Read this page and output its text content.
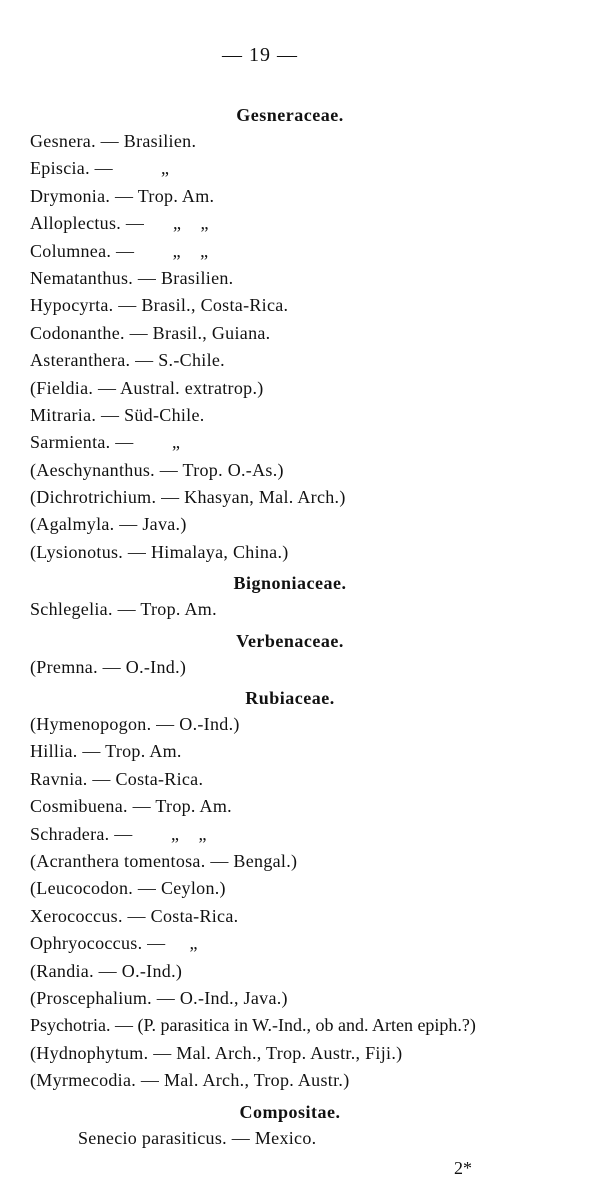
— 19 —
Gesneraceae.
Gesnera. — Brasilien.
Episcia. —          „
Drymonia. — Trop. Am.
Alloplectus. —      „    „
Columnea. —        „    „
Nematanthus. — Brasilien.
Hypocyrta. — Brasil., Costa-Rica.
Codonanthe. — Brasil., Guiana.
Asteranthera. — S.-Chile.
(Fieldia. — Austral. extratrop.)
Mitraria. — Süd-Chile.
Sarmienta. —        „
(Aeschynanthus. — Trop. O.-As.)
(Dichrotrichium. — Khasyan, Mal. Arch.)
(Agalmyla. — Java.)
(Lysionotus. — Himalaya, China.)
Bignoniaceae.
Schlegelia. — Trop. Am.
Verbenaceae.
(Premna. — O.-Ind.)
Rubiaceae.
(Hymenopogon. — O.-Ind.)
Hillia. — Trop. Am.
Ravnia. — Costa-Rica.
Cosmibuena. — Trop. Am.
Schradera. —        „    „
(Acranthera tomentosa. — Bengal.)
(Leucocodon. — Ceylon.)
Xerococcus. — Costa-Rica.
Ophryococcus. —     „
(Randia. — O.-Ind.)
(Proscephalium. — O.-Ind., Java.)
Psychotria. — (P. parasitica in W.-Ind., ob and. Arten epiph.?)
(Hydnophytum. — Mal. Arch., Trop. Austr., Fiji.)
(Myrmecodia. — Mal. Arch., Trop. Austr.)
Compositae.
Senecio parasiticus. — Mexico.
2*
